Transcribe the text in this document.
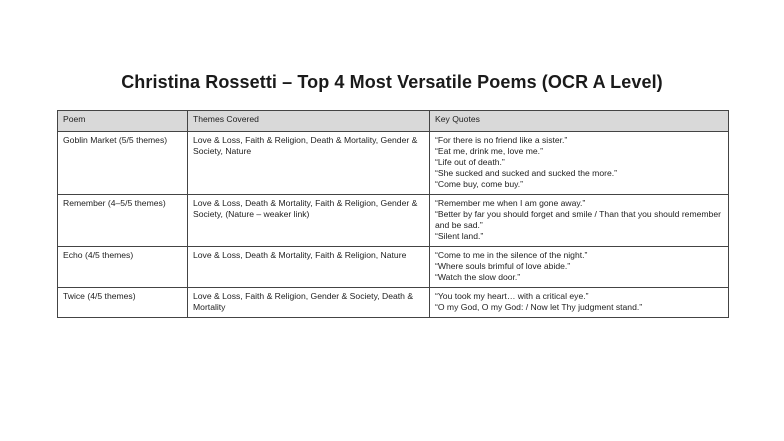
Christina Rossetti – Top 4 Most Versatile Poems (OCR A Level)
Poem	Themes Covered	Key Quotes
Goblin Market (5/5 themes)	Love & Loss, Faith & Religion, Death & Mortality, Gender & Society, Nature	“For there is no friend like a sister.”
“Eat me, drink me, love me.”
“Life out of death.”
“She sucked and sucked and sucked the more.”
“Come buy, come buy.”

Remember (4–5/5 themes)	Love & Loss, Death & Mortality, Faith & Religion, Gender & Society, (Nature – weaker link)	“Remember me when I am gone away.”
“Better by far you should forget and smile / Than that you should remember and be sad.”
“Silent land.”

Echo (4/5 themes)	Love & Loss, Death & Mortality, Faith & Religion, Nature	“Come to me in the silence of the night.”
“Where souls brimful of love abide.”
“Watch the slow door.”

Twice (4/5 themes)	Love & Loss, Faith & Religion, Gender & Society, Death & Mortality	“You took my heart… with a critical eye.”
“O my God, O my God: / Now let Thy judgment stand.”
